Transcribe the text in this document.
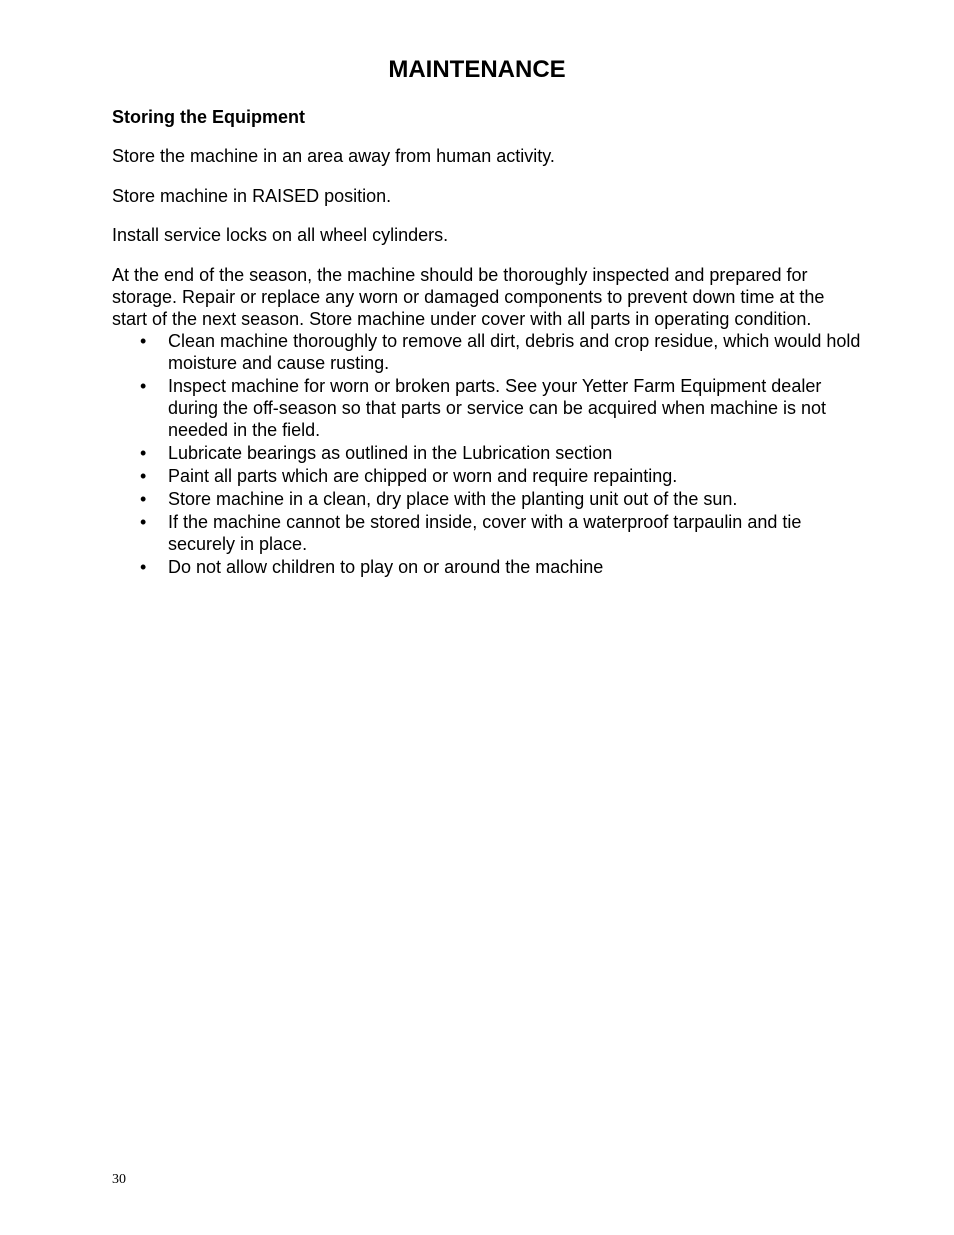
MAINTENANCE
Storing the Equipment

Store the machine in an area away from human activity.

Store machine in RAISED position.

Install service locks on all wheel cylinders.

At the end of the season, the machine should be thoroughly inspected and prepared for storage. Repair or replace any worn or damaged components to prevent down time at the start of the next season. Store machine under cover with all parts in operating condition.

• Clean machine thoroughly to remove all dirt, debris and crop residue, which would hold moisture and cause rusting.
• Inspect machine for worn or broken parts. See your Yetter Farm Equipment dealer during the off-season so that parts or service can be acquired when machine is not needed in the field.
• Lubricate bearings as outlined in the Lubrication section
• Paint all parts which are chipped or worn and require repainting.
• Store machine in a clean, dry place with the planting unit out of the sun.
• If the machine cannot be stored inside, cover with a waterproof tarpaulin and tie securely in place.
• Do not allow children to play on or around the machine
30
